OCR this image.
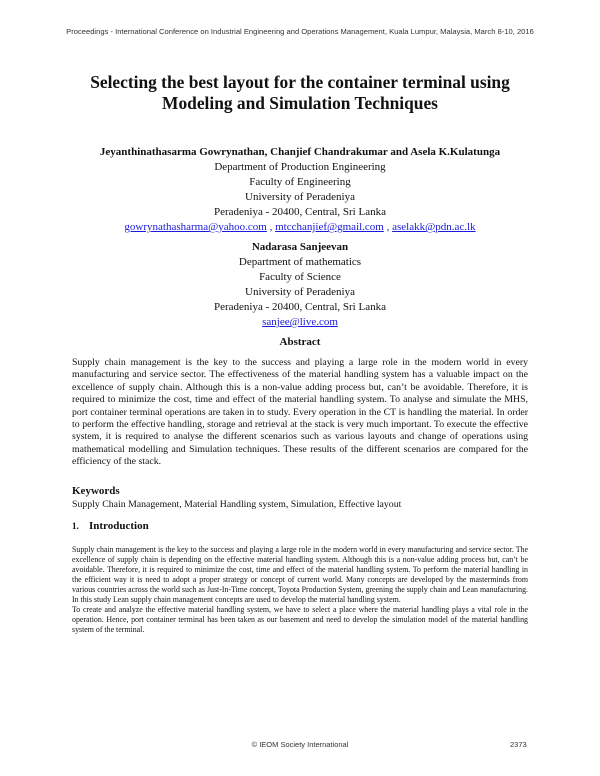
Proceedings - International Conference on Industrial Engineering and Operations Management, Kuala Lumpur, Malaysia, March 8-10, 2016
Selecting the best layout for the container terminal using
Modeling and Simulation Techniques
Jeyanthinathasarma Gowrynathan, Chanjief Chandrakumar and Asela K.Kulatunga
Department of Production Engineering
Faculty of Engineering
University of Peradeniya
Peradeniya - 20400, Central, Sri Lanka
gowrynathasharma@yahoo.com , mtcchanjief@gmail.com , aselakk@pdn.ac.lk
Nadarasa Sanjeevan
Department of mathematics
Faculty of Science
University of Peradeniya
Peradeniya - 20400, Central, Sri Lanka
sanjee@live.com
Abstract
Supply chain management is the key to the success and playing a large role in the modern world in every manufacturing and service sector. The effectiveness of the material handling system has a valuable impact on the excellence of supply chain. Although this is a non-value adding process but, can’t be avoidable. Therefore, it is required to minimize the cost, time and effect of the material handling system. To analyse and simulate the MHS, port container terminal operations are taken in to study. Every operation in the CT is handling the material. In order to perform the effective handling, storage and retrieval at the stack is very much important. To execute the effective system, it is required to analyse the different scenarios such as various layouts and change of operations using mathematical modelling and Simulation techniques. These results of the different scenarios are compared for the efficiency of the stack.
Keywords
Supply Chain Management, Material Handling system, Simulation, Effective layout
1. Introduction

Supply chain management is the key to the success and playing a large role in the modern world in every manufacturing and service sector. The excellence of supply chain is depending on the effective material handling system. Although this is a non-value adding process but, can’t be avoidable. Therefore, it is required to minimize the cost, time and effect of the material handling system. To perform the material handling in the efficient way it is need to adopt a proper strategy or concept of current world. Many concepts are developed by the masterminds from various countries across the world such as Just-In-Time concept, Toyota Production System, greening the supply chain and Lean manufacturing. In this study Lean supply chain management concepts are used to develop the material handling system.

To create and analyze the effective material handling system, we have to select a place where the material handling plays a vital role in the operation. Hence, port container terminal has been taken as our basement and need to develop the simulation model of the material handling system of the terminal.

© IEOM Society International	2373
